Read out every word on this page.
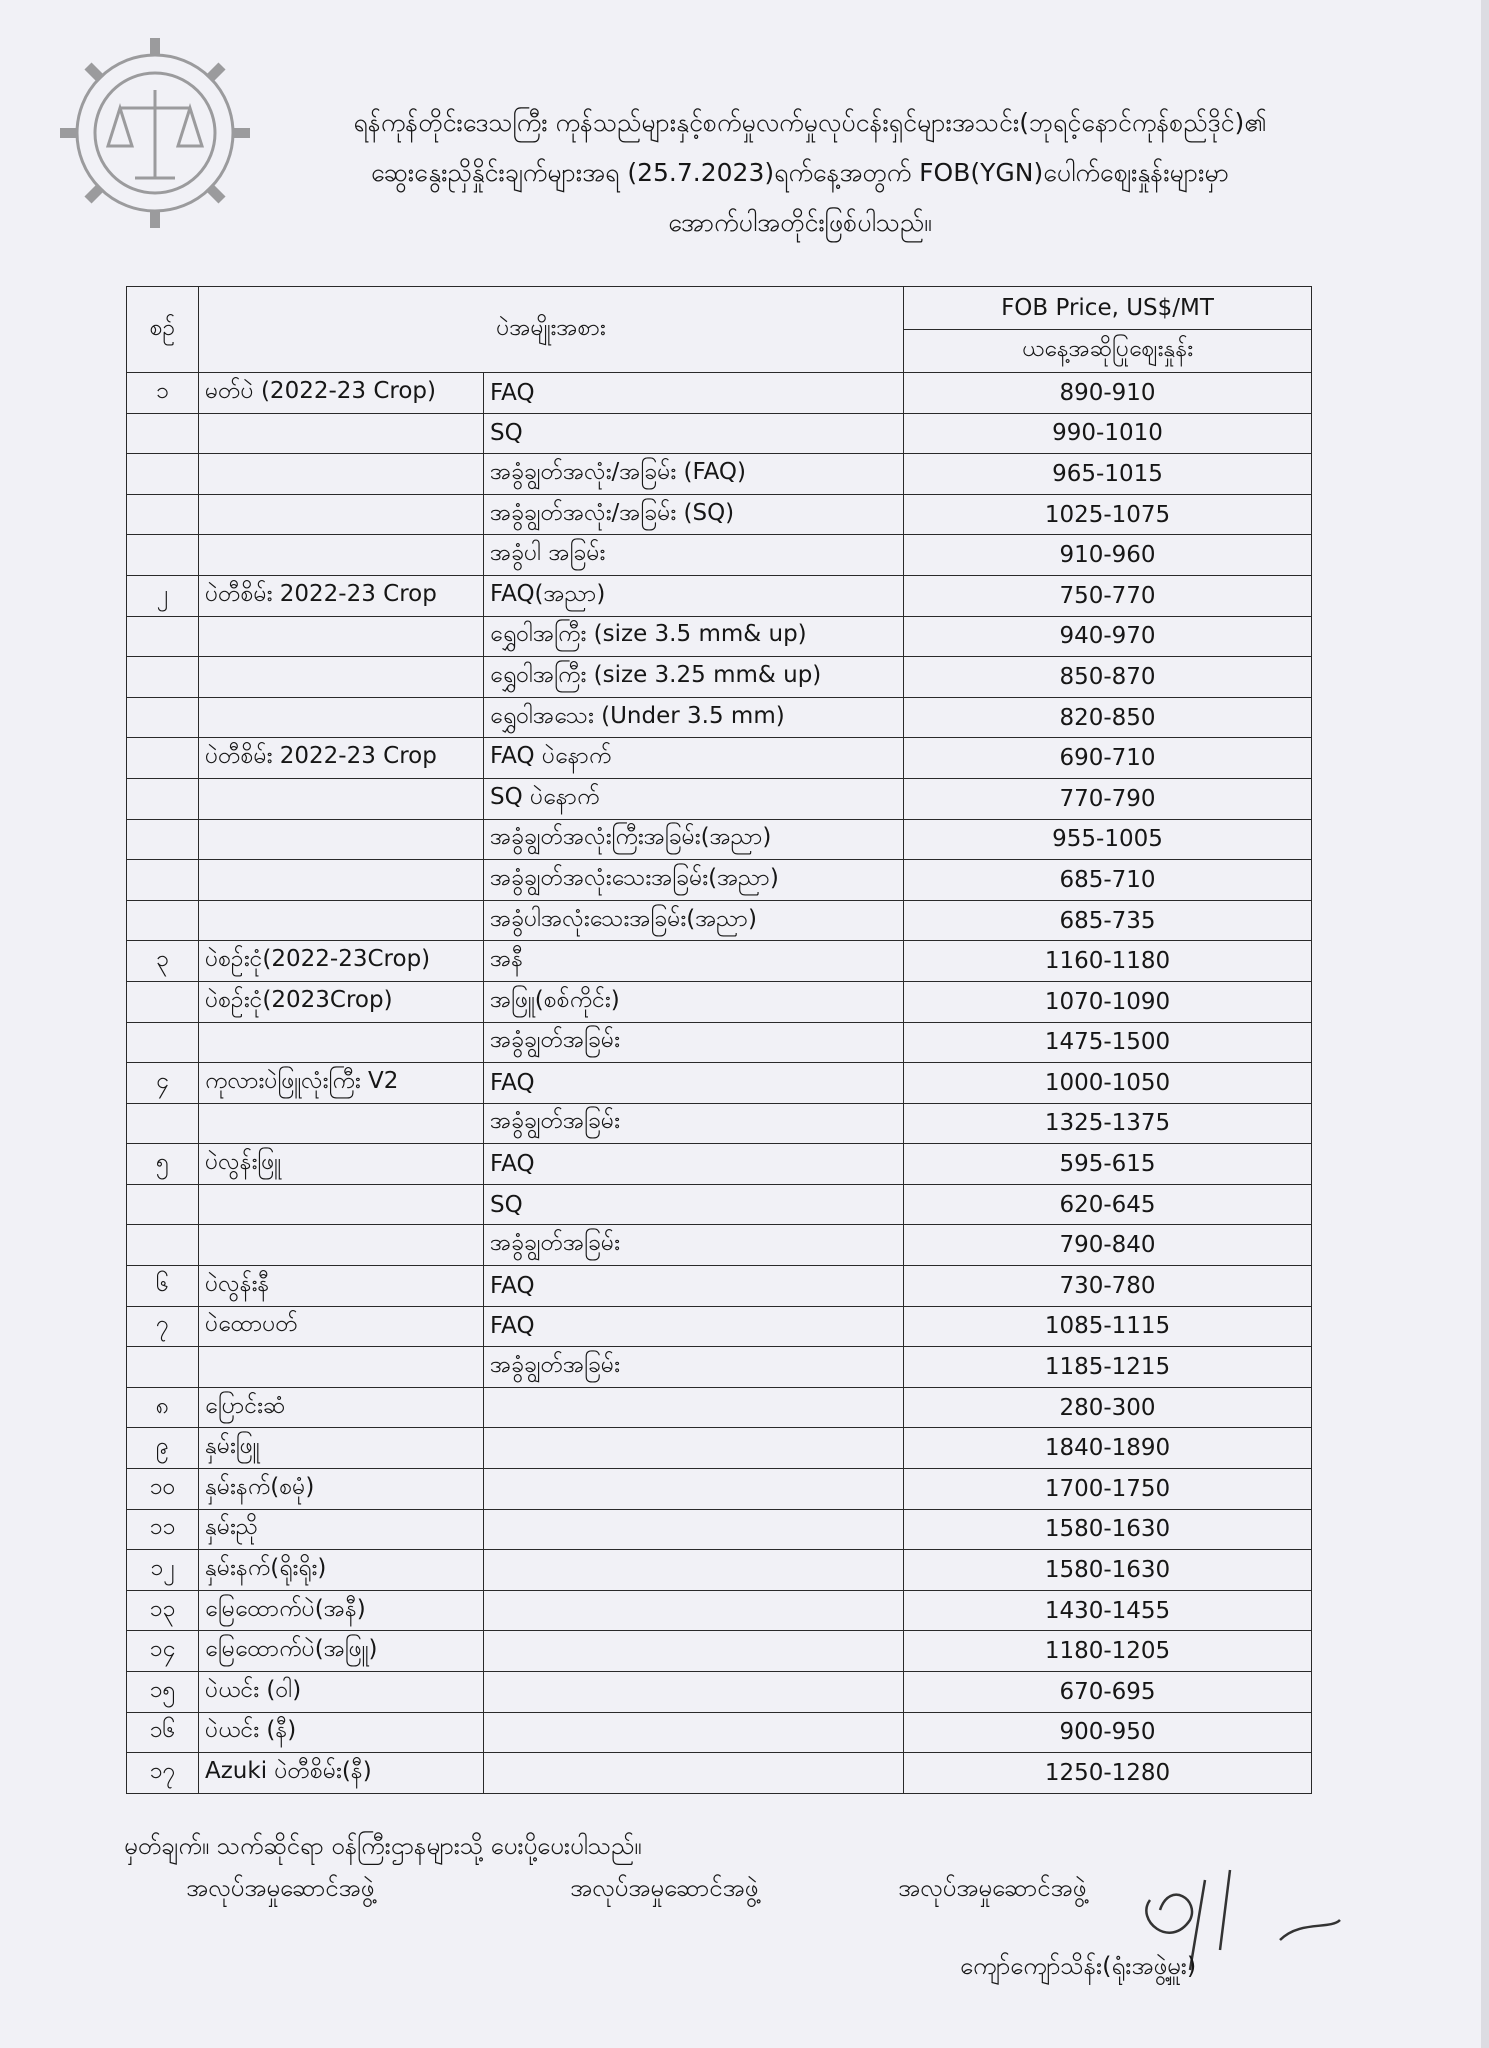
ရန်ကုန်တိုင်းဒေသကြီး ကုန်သည်များနှင့်စက်မှုလက်မှုလုပ်ငန်းရှင်များအသင်း(ဘုရင့်နောင်ကုန်စည်ဒိုင်)၏
ဆွေးနွေးညှိနှိုင်းချက်များအရ (25.7.2023)ရက်နေ့အတွက် FOB(YGN)ပေါက်ဈေးနှုန်းများမှာ
အောက်ပါအတိုင်းဖြစ်ပါသည်။
စဉ်	ပဲအမျိုးအစား		FOB Price, US$/MT
			ယနေ့အဆိုပြုဈေးနှုန်း
၁	မတ်ပဲ (2022-23 Crop)	FAQ	890-910
		SQ	990-1010
		အခွံချွတ်အလုံး/အခြမ်း (FAQ)	965-1015
		အခွံချွတ်အလုံး/အခြမ်း (SQ)	1025-1075
		အခွံပါ အခြမ်း	910-960
၂	ပဲတီစိမ်း 2022-23 Crop	FAQ(အညာ)	750-770
		ရွှေဝါအကြီး (size 3.5 mm& up)	940-970
		ရွှေဝါအကြီး (size 3.25 mm& up)	850-870
		ရွှေဝါအသေး (Under 3.5 mm)	820-850
	ပဲတီစိမ်း 2022-23 Crop	FAQ ပဲနောက်	690-710
		SQ ပဲနောက်	770-790
		အခွံချွတ်အလုံးကြီးအခြမ်း(အညာ)	955-1005
		အခွံချွတ်အလုံးသေးအခြမ်း(အညာ)	685-710
		အခွံပါအလုံးသေးအခြမ်း(အညာ)	685-735
၃	ပဲစဉ်းငုံ(2022-23Crop)	အနီ	1160-1180
	ပဲစဉ်းငုံ(2023Crop)	အဖြူ(စစ်ကိုင်း)	1070-1090
		အခွံချွတ်အခြမ်း	1475-1500
၄	ကုလားပဲဖြူလုံးကြီး V2	FAQ	1000-1050
		အခွံချွတ်အခြမ်း	1325-1375
၅	ပဲလွန်းဖြူ	FAQ	595-615
		SQ	620-645
		အခွံချွတ်အခြမ်း	790-840
၆	ပဲလွန်းနီ	FAQ	730-780
၇	ပဲထောပတ်	FAQ	1085-1115
		အခွံချွတ်အခြမ်း	1185-1215
၈	ပြောင်းဆံ		280-300
၉	နှမ်းဖြူ		1840-1890
၁၀	နှမ်းနက်(စမုံ)		1700-1750
၁၁	နှမ်းညို		1580-1630
၁၂	နှမ်းနက်(ရိုးရိုး)		1580-1630
၁၃	မြေထောက်ပဲ(အနီ)		1430-1455
၁၄	မြေထောက်ပဲ(အဖြူ)		1180-1205
၁၅	ပဲယင်း (ဝါ)		670-695
၁၆	ပဲယင်း (နီ)		900-950
၁၇	Azuki ပဲတီစိမ်း(နီ)		1250-1280
မှတ်ချက်။ သက်ဆိုင်ရာ ဝန်ကြီးဌာနများသို့ ပေးပို့ပေးပါသည်။
အလုပ်အမှုဆောင်အဖွဲ့	အလုပ်အမှုဆောင်အဖွဲ့	အလုပ်အမှုဆောင်အဖွဲ့
ကျော်ကျော်သိန်း(ရုံးအဖွဲ့မှူး)
